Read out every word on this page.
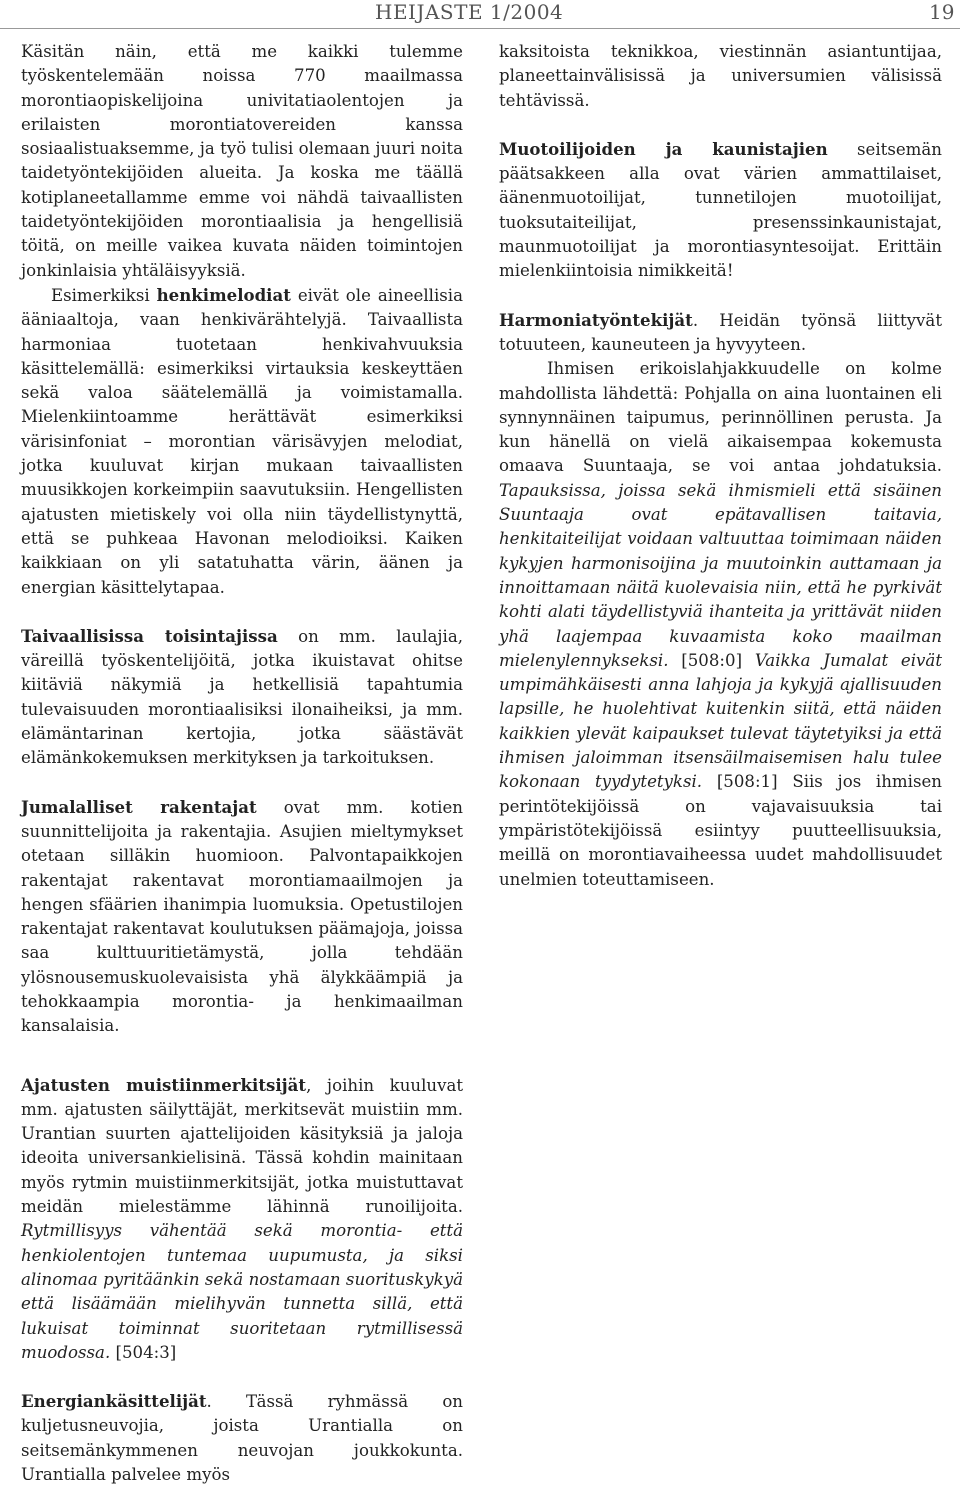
HEIJASTE 1/2004	19

Käsitän näin, että me kaikki tulemme työskentelemään noissa 770 maailmassa morontiaopiskelijoina univitatiaolentojen ja erilaisten morontiatovereiden kanssa sosiaalistuaksemme, ja työ tulisi olemaan juuri noita taidetyöntekijöiden alueita. Ja koska me täällä kotiplaneetallamme emme voi nähdä taivaallisten taidetyöntekijöiden morontiaalisia ja hengellisiä töitä, on meille vaikea kuvata näiden toimintojen jonkinlaisia yhtäläisyyksiä.

Esimerkiksi henkimelodiat eivät ole aineellisia ääniaaltoja, vaan henkivärähtelyjä. Taivaallista harmoniaa tuotetaan henkivahvuuksia käsittelemällä: esimerkiksi virtauksia keskeyttäen sekä valoa säätelemällä ja voimistamalla. Mielenkiintoamme herättävät esimerkiksi värisinfoniat – morontian värisävyjen melodiat, jotka kuuluvat kirjan mukaan taivaallisten muusikkojen korkeimpiin saavutuksiin. Hengellisten ajatusten mietiskely voi olla niin täydellistynyttä, että se puhkeaa Havonan melodioiksi. Kaiken kaikkiaan on yli satatuhatta värin, äänen ja energian käsittelytapaa.

Taivaallisissa toisintajissa on mm. laulajia, väreillä työskentelijöitä, jotka ikuistavat ohitse kiitäviä näkymiä ja hetkellisiä tapahtumia tulevaisuuden morontiaalisiksi ilonaiheiksi, ja mm. elämäntarinan kertojia, jotka säästävät elämänkokemuksen merkityksen ja tarkoituksen.

Jumalalliset rakentajat ovat mm. kotien suunnittelijoita ja rakentajia. Asujien mieltymykset otetaan silläkin huomioon. Palvontapaikkojen rakentajat rakentavat morontiamaailmojen ja hengen sfäärien ihanimpia luomuksia. Opetustilojen rakentajat rakentavat koulutuksen päämajoja, joissa saa kulttuuritietämystä, jolla tehdään ylösnousemuskuolevaisista yhä älykkäämpiä ja tehokkaampia morontia- ja henkimaailman kansalaisia.

Ajatusten muistiinmerkitsijät, joihin kuuluvat mm. ajatusten säilyttäjät, merkitsevät muistiin mm. Urantian suurten ajattelijoiden käsityksiä ja jaloja ideoita universankielisinä. Tässä kohdin mainitaan myös rytmin muistiinmerkitsijät, jotka muistuttavat meidän mielestämme lähinnä runoilijoita. Rytmillisyys vähentää sekä morontia- että henkiolentojen tuntemaa uupumusta, ja siksi alinomaa pyritäänkin sekä nostamaan suorituskykyä että lisäämään mielihyvän tunnetta sillä, että lukuisat toiminnat suoritetaan rytmillisessä muodossa. [504:3]

Energiankäsittelijät. Tässä ryhmässä on kuljetusneuvojia, joista Urantialla on seitsemänkymmenen neuvojan joukkokunta. Urantialla palvelee myös

kaksitoista teknikkoa, viestinnän asiantuntijaa, planeettainvälisissä ja universumien välisissä tehtävissä.

Muotoilijoiden ja kaunistajien seitsemän päätsakkeen alla ovat värien ammattilaiset, äänenmuotoilijat, tunnetilojen muotoilijat, tuoksutaiteilijat, presenssinkaunistajat, maunmuotoilijat ja morontiasyntesoijat. Erittäin mielenkiintoisia nimikkeitä!

Harmoniatyöntekijät. Heidän työnsä liittyvät totuuteen, kauneuteen ja hyvyyteen.

Ihmisen erikoislahjakkuudelle on kolme mahdollista lähdettä: Pohjalla on aina luontainen eli synnynnäinen taipumus, perinnöllinen perusta. Ja kun hänellä on vielä aikaisempaa kokemusta omaava Suuntaaja, se voi antaa johdatuksia. Tapauksissa, joissa sekä ihmismieli että sisäinen Suuntaaja ovat epätavallisen taitavia, henkitaiteilijat voidaan valtuuttaa toimimaan näiden kykyjen harmonisoijina ja muutoinkin auttamaan ja innoittamaan näitä kuolevaisia niin, että he pyrkivät kohti alati täydellistyviä ihanteita ja yrittävät niiden yhä laajempaa kuvaamista koko maailman mielenylennykseksi. [508:0] Vaikka Jumalat eivät umpimähkäisesti anna lahjoja ja kykyjä ajallisuuden lapsille, he huolehtivat kuitenkin siitä, että näiden kaikkien ylevät kaipaukset tulevat täytetyiksi ja että ihmisen jaloimman itsensäilmaisemisen halu tulee kokonaan tyydytetyksi. [508:1] Siis jos ihmisen perintötekijöissä on vajavaisuuksia tai ympäristötekijöissä esiintyy puutteellisuuksia, meillä on morontiavaiheessa uudet mahdollisuudet unelmien toteuttamiseen.
